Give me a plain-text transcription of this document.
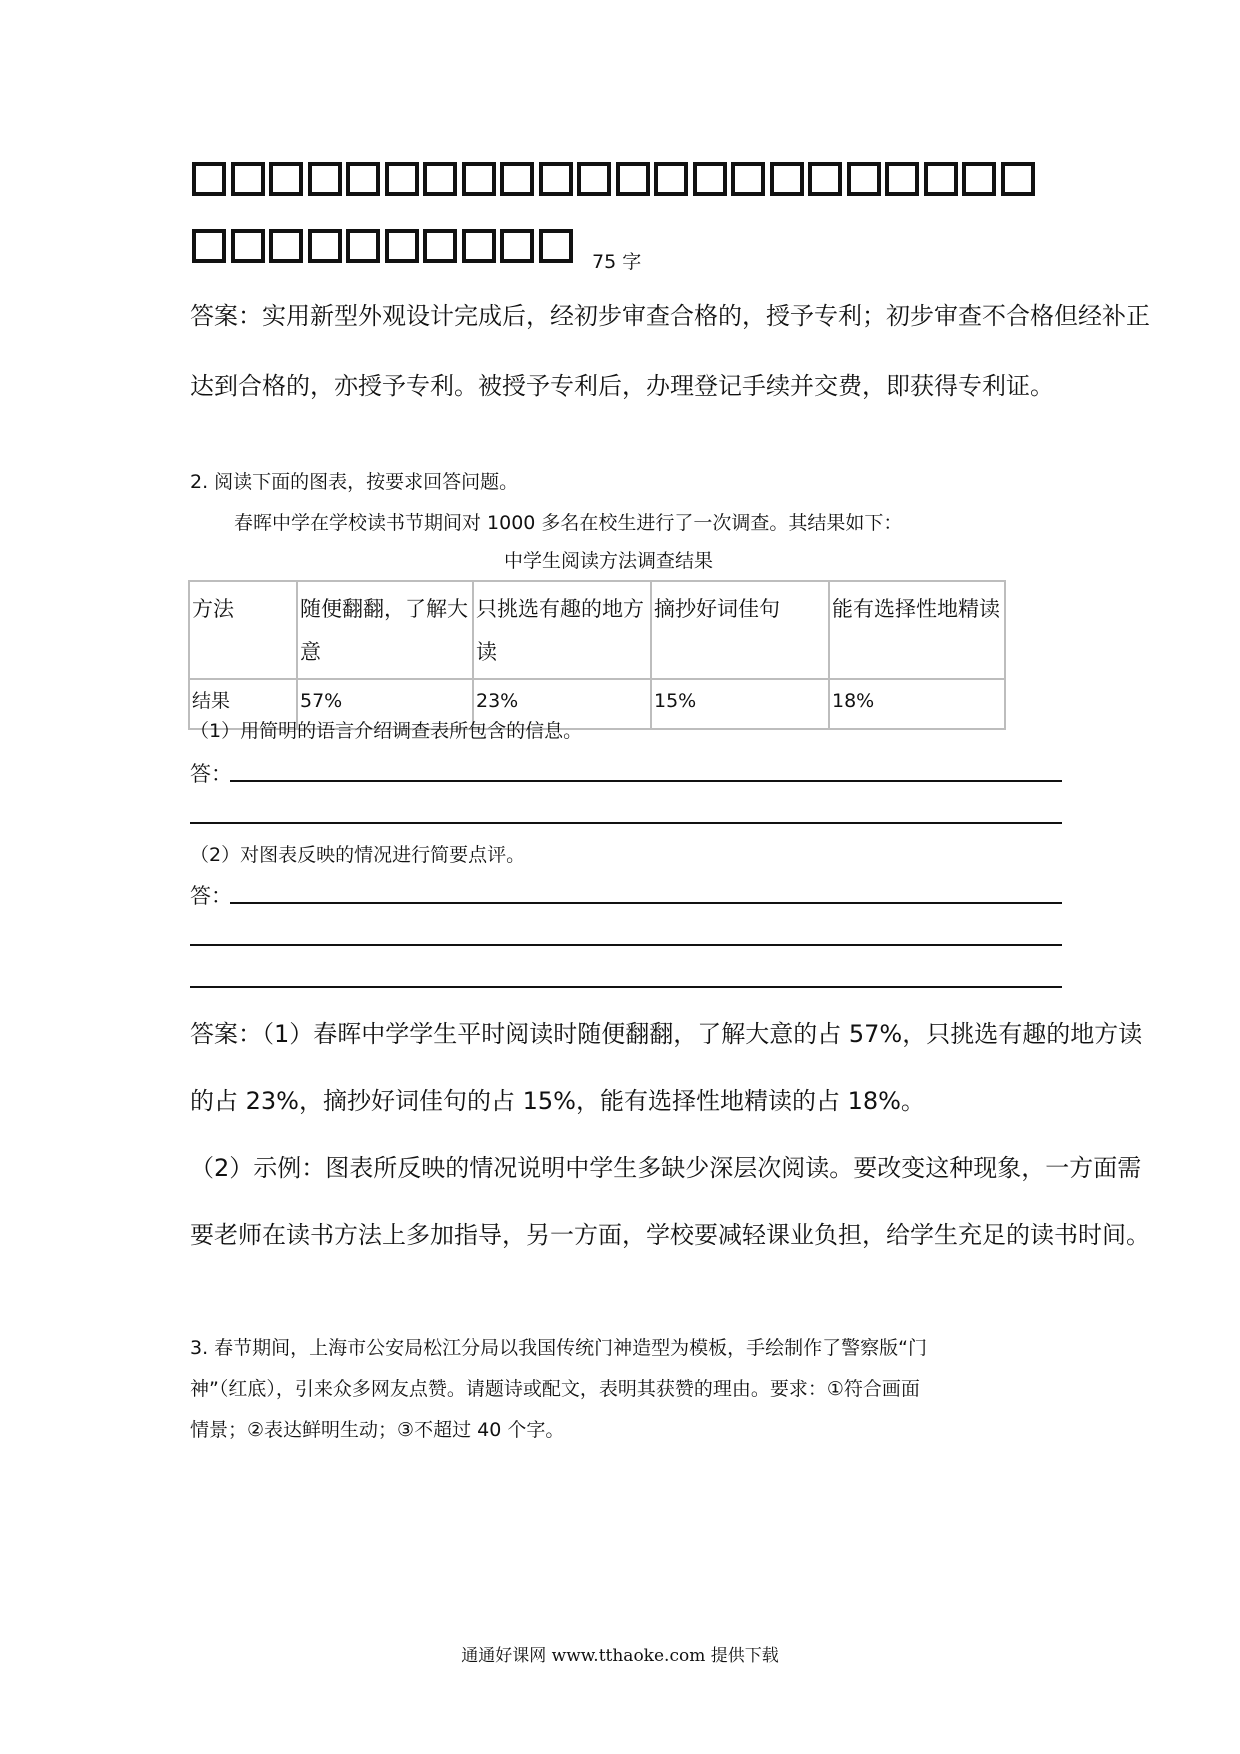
75 字
答案：实用新型外观设计完成后，经初步审查合格的，授予专利；初步审查不合格但经补正
达到合格的，亦授予专利。被授予专利后，办理登记手续并交费，即获得专利证。
2. 阅读下面的图表，按要求回答问题。
春晖中学在学校读书节期间对 1000 多名在校生进行了一次调查。其结果如下：
中学生阅读方法调查结果
方法	随便翻翻，了解大意	只挑选有趣的地方读	摘抄好词佳句	能有选择性地精读
结果	57%	23%	15%	18%
（1）用简明的语言介绍调查表所包含的信息。
答：
（2）对图表反映的情况进行简要点评。
答：
答案：（1）春晖中学学生平时阅读时随便翻翻，了解大意的占 57%，只挑选有趣的地方读
的占 23%，摘抄好词佳句的占 15%，能有选择性地精读的占 18%。
（2）示例：图表所反映的情况说明中学生多缺少深层次阅读。要改变这种现象，一方面需
要老师在读书方法上多加指导，另一方面，学校要减轻课业负担，给学生充足的读书时间。
3. 春节期间，上海市公安局松江分局以我国传统门神造型为模板，手绘制作了警察版“门
神”（红底），引来众多网友点赞。请题诗或配文，表明其获赞的理由。要求：①符合画面
情景；②表达鲜明生动；③不超过 40 个字。
通通好课网 www.tthaoke.com 提供下载
